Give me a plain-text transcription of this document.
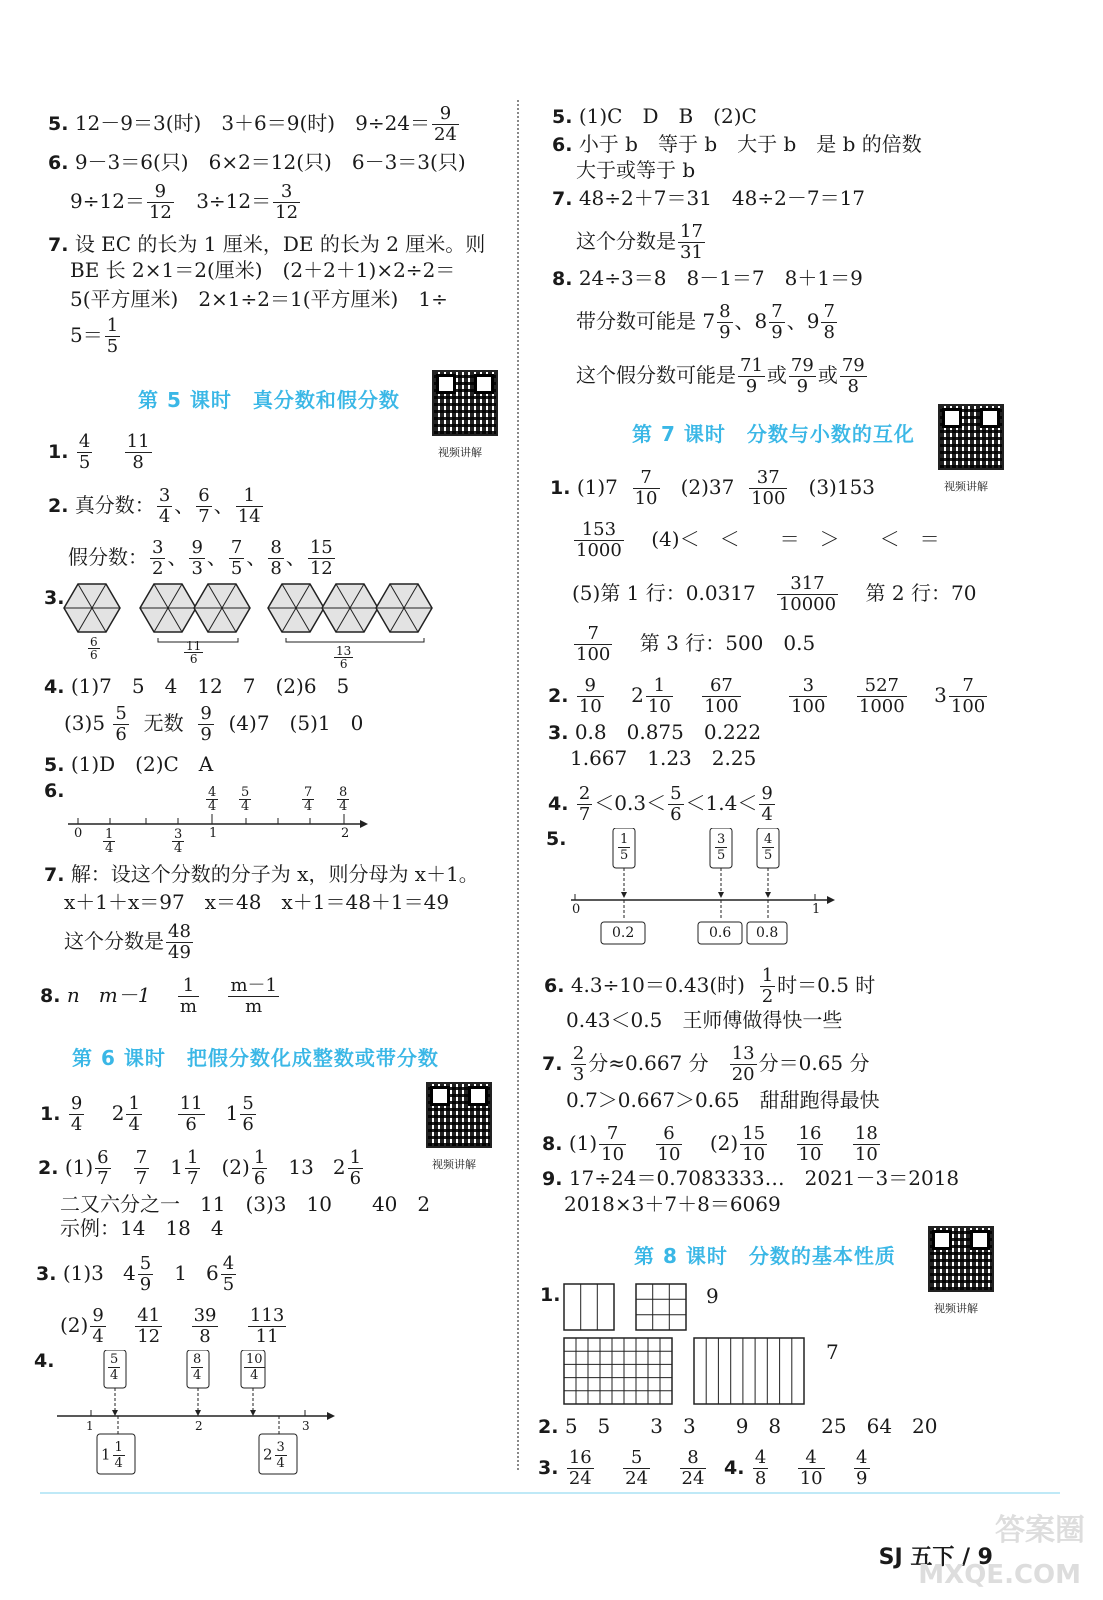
5. 12－9＝3(时)　3＋6＝9(时)　$9\div 24= \frac{9}{24}$
6. 9－3＝6(只)　6×2＝12(只)　6－3＝3(只)
$9\div 12= \frac{9}{12} 3\div 12= \frac{3}{12}$
7. 设 EC 的长为 1 厘米，DE 的长为 2 厘米。则
BE 长 2×1＝2(厘米)　(2＋2＋1)×2÷2＝
5(平方厘米)　2×1÷2＝1(平方厘米)　1÷
$5= \frac{1}{5}$
第 5 课时　真分数和假分数
视频讲解
1. $\frac{4}{5}$
$\frac{11}{8}$
2. 真分数： $\frac{3}{4}$ 、 $\frac{6}{7}$ 、 $\frac{1}{14}$
假分数： $\frac{3}{2}$ 、 $\frac{9}{3}$ 、 $\frac{7}{5}$ 、 $\frac{8}{8}$ 、 $\frac{15}{12}$
3.
$\frac{6}{6}$	$\frac{11}{6}$	$\frac{13}{6}$
4. (1)7　5　4　12　7　(2)6　5
$(3)5 \frac{5}{6}$ 无数 $\frac{9}{9} (4)7$　(5)1　0
5. (1)D　(2)C　A
6.
0	1	2
$\frac{1}{4}$	$\frac{3}{4}$
$\frac{4}{4} \frac{5}{4}$	$\frac{7}{4} \frac{8}{4}$
7. 解：设这个分数的分子为 x，则分母为 x＋1。
x＋1＋x＝97　x＝48　x＋1＝48＋1＝49
这个分数是 $\frac{48}{49}$
8. n $m-1 \frac{1}{m}$
$\frac{m-1}{m}$
第 6 课时　把假分数化成整数或带分数
视频讲解
1. $\frac{9}{4} 2 \frac{1}{4}$
$\frac{11}{6} 1 \frac{5}{6}$
2. $(1) \frac{6}{7}$
$\frac{7}{7} 1 \frac{1}{7} (2) \frac{1}{6} 13$ $2 \frac{1}{6}$
二又六分之一　11　(3)3　10　　40　2
示例：14　18　4
3. (1)3 $4 \frac{5}{9} 1$ $6 \frac{4}{5}$
$(2) \frac{9}{4}$
$\frac{41}{12}$
$\frac{39}{8}$
$\frac{113}{11}$
4.	$\frac{5}{4}$	$\frac{8}{4}$	$\frac{10}{4}$
1	2	3
$1 \frac{1}{4}$	$2 \frac{3}{4}$
5. (1)C　D　B　(2)C
6. 小于 b　等于 b　大于 b　是 b 的倍数
大于或等于 b
7. 48÷2＋7＝31　48÷2－7＝17
这个分数是 $\frac{17}{31}$
8. 24÷3＝8　8－1＝7　8＋1＝9
带分数可能是 $7 \frac{8}{9}$ 、$8 \frac{7}{9}$ 、$9 \frac{7}{8}$
这个假分数可能是 $\frac{71}{9}$ 或 $\frac{79}{9}$ 或 $\frac{79}{8}$
第 7 课时　分数与小数的互化
视频讲解
1. $(1)7 \frac{7}{10} (2)37 \frac{37}{100} (3)153$
$\frac{153}{1000} (4)<$　＜　　＝　＞　　＜　＝
(5)第 1 行：$0.0317 \frac{317}{10000}$ 第 2 行：70
$\frac{7}{100}$ 第 3 行：500　0.5
2. $\frac{9}{10} 2 \frac{1}{10}$
$\frac{67}{100}$
	$\frac{3}{100}$
$\frac{527}{1000} 3 \frac{7}{100}$
3. 0.8　0.875　0.222
1.667　1.23　2.25
4. $\frac{2}{7} <0.3< \frac{5}{6} <1.4< \frac{9}{4}$
5.	$\frac{1}{5}$	$\frac{3}{5}$	$\frac{4}{5}$
0	1
0.2	0.6 0.8
6. 4.3÷10＝0.43(时) $\frac{1}{2}$ 时＝0.5 时
0.43＜0.5　王师傅做得快一些
7. $\frac{2}{3}$ 分≈0.667 分 $\frac{13}{20}$ 分＝0.65 分
0.7＞0.667＞0.65　甜甜跑得最快
8. $(1) \frac{7}{10}$
$\frac{6}{10} (2) \frac{15}{10}$
$\frac{16}{10}$
$\frac{18}{10}$
9. 17÷24＝0.7083333…　2021－3＝2018
2018×3＋7＋8＝6069
第 8 课时　分数的基本性质
视频讲解
1.	9
7
2. 5　5　　3　3　　9　8　　25　64　20
3. $\frac{16}{24}$
$\frac{5}{24}$
$\frac{8}{24} 4$. $\frac{4}{8}$
$\frac{4}{10}$
$\frac{4}{9}$
SJ 五下 / 9
答案圈
MXQE.COM
